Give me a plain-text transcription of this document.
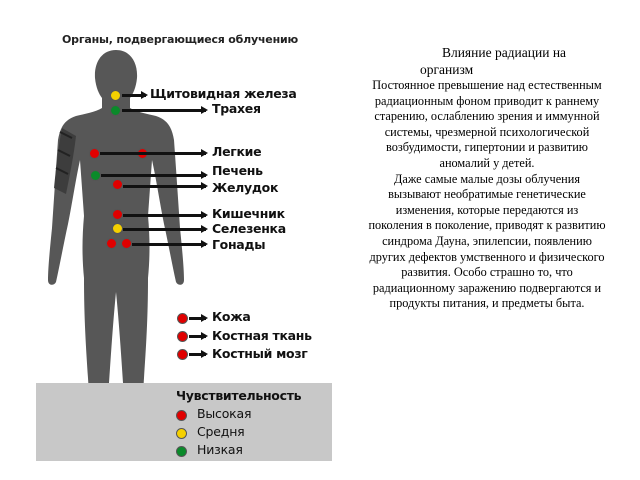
Органы, подвергающиеся облучению
Щитовидная железа
Трахея
Легкие
Печень
Желудок
Кишечник
Селезенка
Гонады
Кожа
Костная ткань
Костный мозг
Чувствительность
Высокая
Средня
Низкая
Влияние радиации на
организм

Постоянное превышение над естественным радиационным фоном приводит к раннему старению, ослаблению зрения и иммунной системы, чрезмерной психологической возбудимости, гипертонии и развитию аномалий у детей.

Даже самые малые дозы облучения вызывают необратимые генетические изменения, которые передаются из поколения в поколение, приводят к развитию синдрома Дауна, эпилепсии, появлению других дефектов умственного и физического развития. Особо страшно то, что радиационному заражению подвергаются и продукты питания, и предметы быта.
